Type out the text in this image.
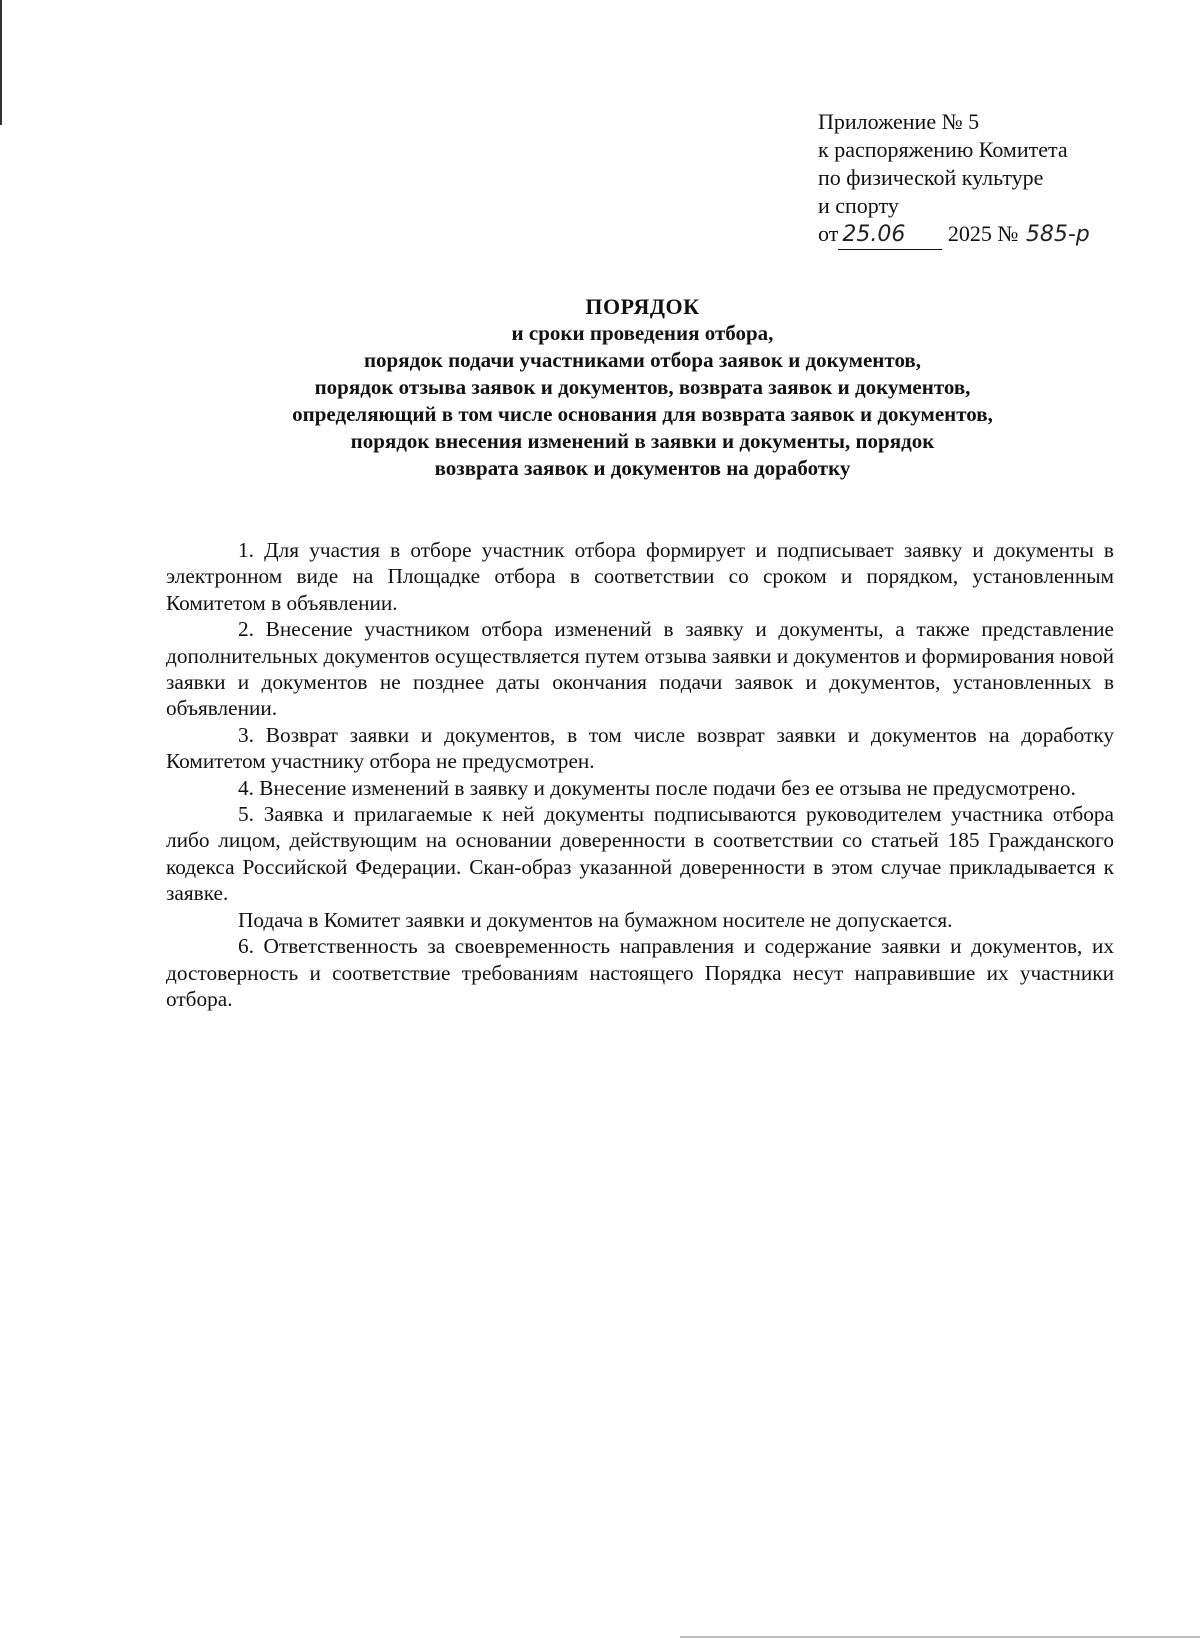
Приложение № 5
к распоряжению Комитета
по физической культуре
и спорту
от 25.06 2025 № 585-р
ПОРЯДОК
и сроки проведения отбора,
порядок подачи участниками отбора заявок и документов,
порядок отзыва заявок и документов, возврата заявок и документов,
определяющий в том числе основания для возврата заявок и документов,
порядок внесения изменений в заявки и документы, порядок
возврата заявок и документов на доработку

1. Для участия в отборе участник отбора формирует и подписывает заявку и документы в электронном виде на Площадке отбора в соответствии со сроком и порядком, установленным Комитетом в объявлении.

2. Внесение участником отбора изменений в заявку и документы, а также представление дополнительных документов осуществляется путем отзыва заявки и документов и формирования новой заявки и документов не позднее даты окончания подачи заявок и документов, установленных в объявлении.

3. Возврат заявки и документов, в том числе возврат заявки и документов на доработку Комитетом участнику отбора не предусмотрен.

4. Внесение изменений в заявку и документы после подачи без ее отзыва не предусмотрено.

5. Заявка и прилагаемые к ней документы подписываются руководителем участника отбора либо лицом, действующим на основании доверенности в соответствии со статьей 185 Гражданского кодекса Российской Федерации. Скан-образ указанной доверенности в этом случае прикладывается к заявке.

Подача в Комитет заявки и документов на бумажном носителе не допускается.

6. Ответственность за своевременность направления и содержание заявки и документов, их достоверность и соответствие требованиям настоящего Порядка несут направившие их участники отбора.
